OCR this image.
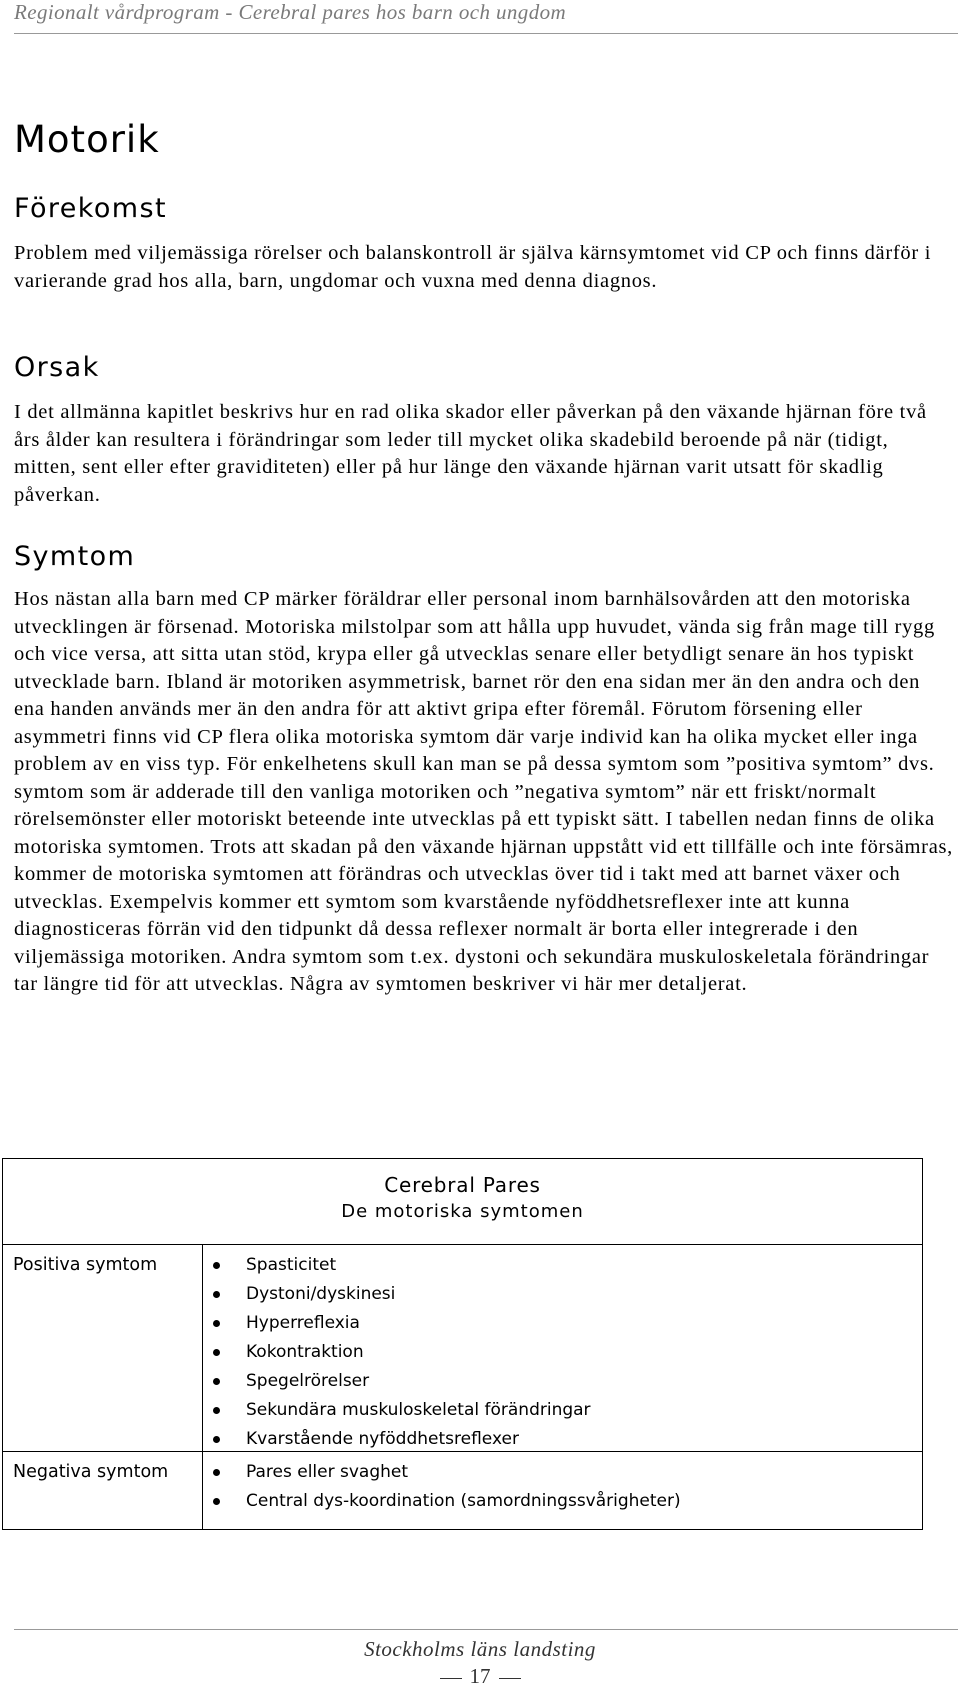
Regionalt vårdprogram - Cerebral pares hos barn och ungdom
Motorik
Förekomst

Problem med viljemässiga rörelser och balanskontroll är själva kärnsymtomet vid CP och finns därför i varierande grad hos alla, barn, ungdomar och vuxna med denna diagnos.

Orsak

I det allmänna kapitlet beskrivs hur en rad olika skador eller påverkan på den växande hjärnan före två års ålder kan resultera i förändringar som leder till mycket olika skadebild beroende på när (tidigt, mitten, sent eller efter graviditeten) eller på hur länge den växande hjärnan varit utsatt för skadlig påverkan.

Symtom

Hos nästan alla barn med CP märker föräldrar eller personal inom barnhälsovården att den motoriska utvecklingen är försenad. Motoriska milstolpar som att hålla upp huvudet, vända sig från mage till rygg och vice versa, att sitta utan stöd, krypa eller gå utvecklas senare eller betydligt senare än hos typiskt utvecklade barn. Ibland är motoriken asymmetrisk, barnet rör den ena sidan mer än den andra och den ena handen används mer än den andra för att aktivt gripa efter föremål. Förutom försening eller asymmetri finns vid CP flera olika motoriska symtom där varje individ kan ha olika mycket eller inga problem av en viss typ. För enkelhetens skull kan man se på dessa symtom som ”positiva symtom” dvs. symtom som är adderade till den vanliga motoriken och ”negativa symtom” när ett friskt/normalt rörelsemönster eller motoriskt beteende inte utvecklas på ett typiskt sätt. I tabellen nedan finns de olika motoriska symtomen. Trots att skadan på den växande hjärnan uppstått vid ett tillfälle och inte försämras, kommer de motoriska symtomen att förändras och utvecklas över tid i takt med att barnet växer och utvecklas. Exempelvis kommer ett symtom som kvarstående nyföddhetsreflexer inte att kunna diagnosticeras förrän vid den tidpunkt då dessa reflexer normalt är borta eller integrerade i den viljemässiga motoriken. Andra symtom som t.ex. dystoni och sekundära muskuloskeletala förändringar tar längre tid för att utvecklas. Några av symtomen beskriver vi här mer detaljerat.

Cerebral Pares
De motoriska symtomen
Positiva symtom	Spasticitet
Dystoni/dyskinesi
Hyperreflexia
Kokontraktion
Spegelrörelser
Sekundära muskuloskeletal förändringar
Kvarstående nyföddhetsreflexer
Negativa symtom	Pares eller svaghet
Central dys-koordination (samordningssvårigheter)
Stockholms läns landsting
17
